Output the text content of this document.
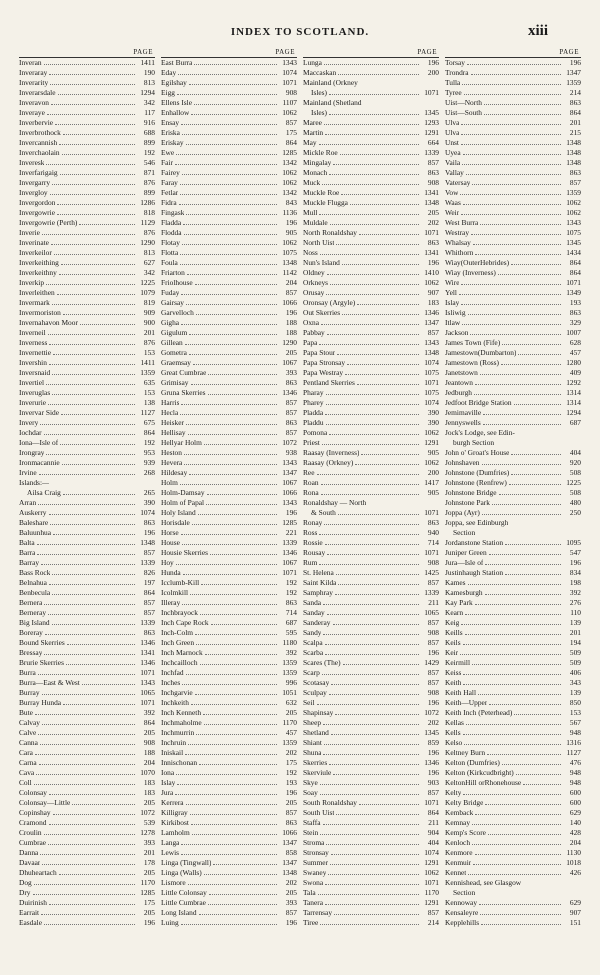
INDEX TO SCOTLAND.	xiii
PAGE
Inveran	1411
Inveraray	190
Inverarity	813
Inverarsdale	1294
Inveravon	342
Inveraye	117
Inverbervie	916
Inverbrothock	688
Invercannish	899
Inverchaolain	192
Inveresk	546
Inverfarigaig	871
Invergarry	876
Invergloy	899
Invergordon	1286
Invergowrie	818
Invergowrie (Perth)	1129
Inverie	876
Inverinate	1290
Inverkeilor	813
Inverkeithing	627
Inverkeithny	342
Inverkip	1225
Inverleithen	1079
Invermark	819
Invermoriston	909
Invernahavon Moor	900
Inverneil	201
Inverness	876
Invernettie	153
Invershin	1411
Inversnaid	1359
Invertiel	635
Inveruglas	153
Inverurie	138
Invervar Side	1127
Invery	675
Iochdar	864
Iona—Isle of	192
Irongray	953
Ironmacannie	939
Irvine	268
Islands:—
Ailsa Craig	265
Arran	390
Auskerry	1074
Baleshare	863
Baluunhua	196
Balta	1348
Barra	857
Barray	1339
Bass Rock	826
Belnahua	197
Benbecula	864
Bernera	857
Berneray	857
Big Island	1339
Boreray	863
Bound Skerries	1346
Bressay	1341
Brurie Skerries	1346
Burra	1071
Burra—East & West	1343
Burray	1065
Burray Hunda	1071
Bute	392
Calvay	864
Calve	205
Canna	908
Cara	188
Carna	204
Cava	1070
Coll	183
Colonsay	183
Colonsay—Little	205
Copinshay	1072
Cramond	539
Croulin	1278
Cumbrae	393
Danna	201
Davaar	178
Dhuheartach	205
Dog	1170
Dry	1285
Duirinish	175
Earrait	205
Easdale	196
PAGE
East Burra	1343
Eday	1074
Egilshay	1071
Eigg	908
Ellens Isle	1107
Enhallow	1062
Ensay	857
Eriska	175
Eriskay	864
Ewe	1285
Fair	1342
Fairey	1062
Faray	1062
Fetlar	1342
Fidra	843
Fingask	1136
Fladda	196
Flodda	905
Flotay	1062
Flotta	1075
Foula	1348
Friarton	1142
Friolhouse	204
Fuday	857
Gairsay	1066
Garvelloch	196
Gigha	188
Gigulum	188
Gillean	1290
Gometra	205
Graemsay	1067
Great Cumbrae	393
Grimisay	863
Gruna Skerries	1346
Harris	857
Hecla	857
Heisker	863
Hellisay	857
Hellyar Holm	1072
Heston	938
Hevera	1343
Hildesay	1347
Holm	1067
Holm-Damsay	1066
Holm of Papal	1343
Holy Island	196
Horisdale	1285
Horse	221
House	1339
Housie Skerries	1346
Hoy	1067
Hunda	1071
Icclumb-Kill	192
Icolmkill	192
Illeray	863
Inchbrayock	714
Inch Cape Rock	687
Inch-Colm	595
Inch Green	1180
Inch Marnock	392
Inchcailloch	1359
Inchfad	1359
Inches	996
Inchgarvie	1051
Inchkeith	632
Inch Kenneth	205
Inchmaholme	1170
Inchmurrin	457
Inchruin	1359
Iniskail	202
Innischonan	175
Iona	192
Islay	193
Jura	196
Kerrera	205
Killigray	857
Kirkibost	863
Lamholm	1066
Langa	1347
Lewis	858
Linga (Tingwall)	1347
Linga (Walls)	1348
Lismore	202
Little Colonsay	205
Little Cumbrae	393
Long Island	857
Luing	196
PAGE
Lunga	196
Maccaskan	200
Mainland (Orkney
Isles)	1071
Mainland (Shetland
Isles)	1345
Maree	1293
Martin	1291
May	664
Mickle Roe	1339
Mingalay	857
Monach	863
Muck	908
Muckle Roe	1341
Muckle Flugga	1348
Mull	205
Muldale	202
North Ronaldshay	1071
North Uist	863
Noss	1341
Nun's Island	196
Oldney	1410
Orkneys	1062
Orusay	907
Oronsay (Argyle)	183
Out Skerries	1346
Oxna	1347
Pabbay	857
Papa	1343
Papa Stour	1348
Papa Stronsay	1074
Papa Westray	1075
Pentland Skerries	1071
Pharay	1075
Pharey	1074
Pladda	390
Pladdu	390
Pomona	1062
Priest	1291
Raasay (Inverness)	905
Raasay (Orkney)	1062
Ree	200
Roan	1417
Rona	905
Ronaldshay — North
& South	1071
Ronay	863
Ross	940
Rossie	714
Rousay	1071
Rum	908
St. Helena	1425
Saint Kilda	857
Samphray	1339
Sanda	211
Sanday	1065
Sanderay	857
Sandy	908
Scalpa	857
Scarba	196
Scares (The)	1429
Scarp	857
Scotasay	857
Sculpay	908
Seil	196
Shapinsay	1072
Sheep	202
Shetland	1345
Shiant	859
Shuna	196
Skerries	1346
Skerviule	196
Skye	903
Soay	857
South Ronaldshay	1071
South Uist	864
Staffa	211
Stein	904
Stroma	404
Stronsay	1074
Summer	1291
Swaney	1062
Swona	1071
Tala	1170
Tanera	1291
Tarrensay	857
Tiree	214
PAGE
Torsay	196
Trondra	1347
Tulla	1359
Tyree	214
Uist—North	863
Uist—South	864
Ulva	201
Ulva	215
Unst	1348
Uyea	1348
Vaila	1348
Vallay	863
Vatersay	857
Vow	1359
Waas	1062
Weir	1062
West Burra	1343
Westray	1075
Whalsay	1345
Whithorn	1434
Wiay(OuterHebrides)	864
Wiay (Inverness)	864
Wire	1071
Yell	1349
Islay	193
Isliwig	863
Itlaw	329
Jackson	1007
James Town (Fife)	628
Jamestown(Dumbarton)	457
Jamestown (Ross)	1280
Janetstown	409
Jeantown	1292
Jedburgh	1314
Jedfoot Bridge Station	1314
Jemimaville	1294
Jennyswells	687
Jock's Lodge, see Edin-
burgh Section
John o' Groat's House	404
Johnshaven	920
Johnstone (Dumfries)	508
Johnstone (Renfrew)	1225
Johnstone Bridge	508
Johnstone Park	480
Joppa (Ayr)	250
Joppa, see Edinburgh
Section
Jordanstone Station	1095
Juniper Green	547
Jura—Isle of	196
Justinhaugh Station	834
Kames	198
Kamesburgh	392
Kay Park	276
Kearn	110
Keig	139
Keills	201
Keils	194
Keir	509
Keirmill	509
Keiss	406
Keith	343
Keith Hall	139
Keith—Upper	850
Keith Inch (Peterhead)	153
Kellas	567
Kells	948
Kelso	1316
Keltney Burn	1127
Kelton (Dumfries)	476
Kelton (Kirkcudbright)	948
KeltonHill orRhonehouse	948
Kelty	600
Kelty Bridge	600
Kemback	629
Kemnay	140
Kemp's Score	428
Kenloch	204
Kenmore	1130
Kenmuir	1018
Kennet	426
Kennishead, see Glasgow
Section
Kennoway	629
Kensaleyre	907
Kepplehills	151
